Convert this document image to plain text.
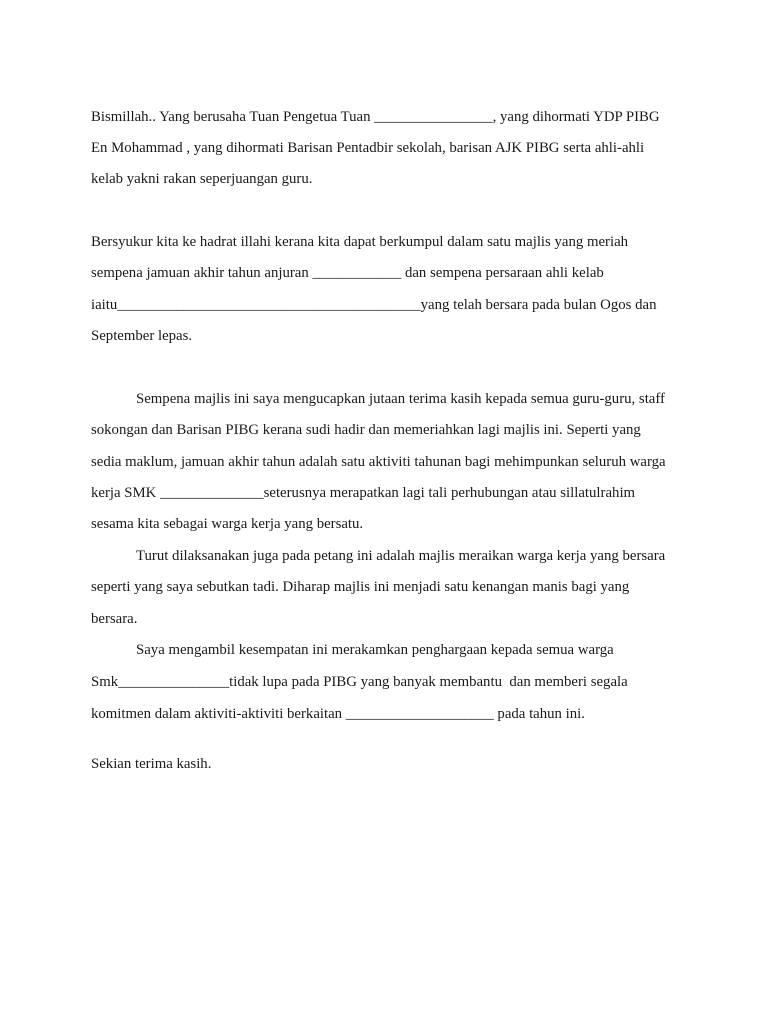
Bismillah.. Yang berusaha Tuan Pengetua Tuan ________________, yang dihormati YDP PIBG

En Mohammad , yang dihormati Barisan Pentadbir sekolah, barisan AJK PIBG serta ahli-ahli

kelab yakni rakan seperjuangan guru.

Bersyukur kita ke hadrat illahi kerana kita dapat berkumpul dalam satu majlis yang meriah

sempena jamuan akhir tahun anjuran ____________ dan sempena persaraan ahli kelab

iaitu_________________________________________yang telah bersara pada bulan Ogos dan

September lepas.

Sempena majlis ini saya mengucapkan jutaan terima kasih kepada semua guru-guru, staff

sokongan dan Barisan PIBG kerana sudi hadir dan memeriahkan lagi majlis ini. Seperti yang

sedia maklum, jamuan akhir tahun adalah satu aktiviti tahunan bagi mehimpunkan seluruh warga

kerja SMK ______________seterusnya merapatkan lagi tali perhubungan atau sillatulrahim

sesama kita sebagai warga kerja yang bersatu.

Turut dilaksanakan juga pada petang ini adalah majlis meraikan warga kerja yang bersara

seperti yang saya sebutkan tadi. Diharap majlis ini menjadi satu kenangan manis bagi yang

bersara.

Saya mengambil kesempatan ini merakamkan penghargaan kepada semua warga

Smk_______________tidak lupa pada PIBG yang banyak membantu  dan memberi segala

komitmen dalam aktiviti-aktiviti berkaitan ____________________ pada tahun ini.

Sekian terima kasih.
